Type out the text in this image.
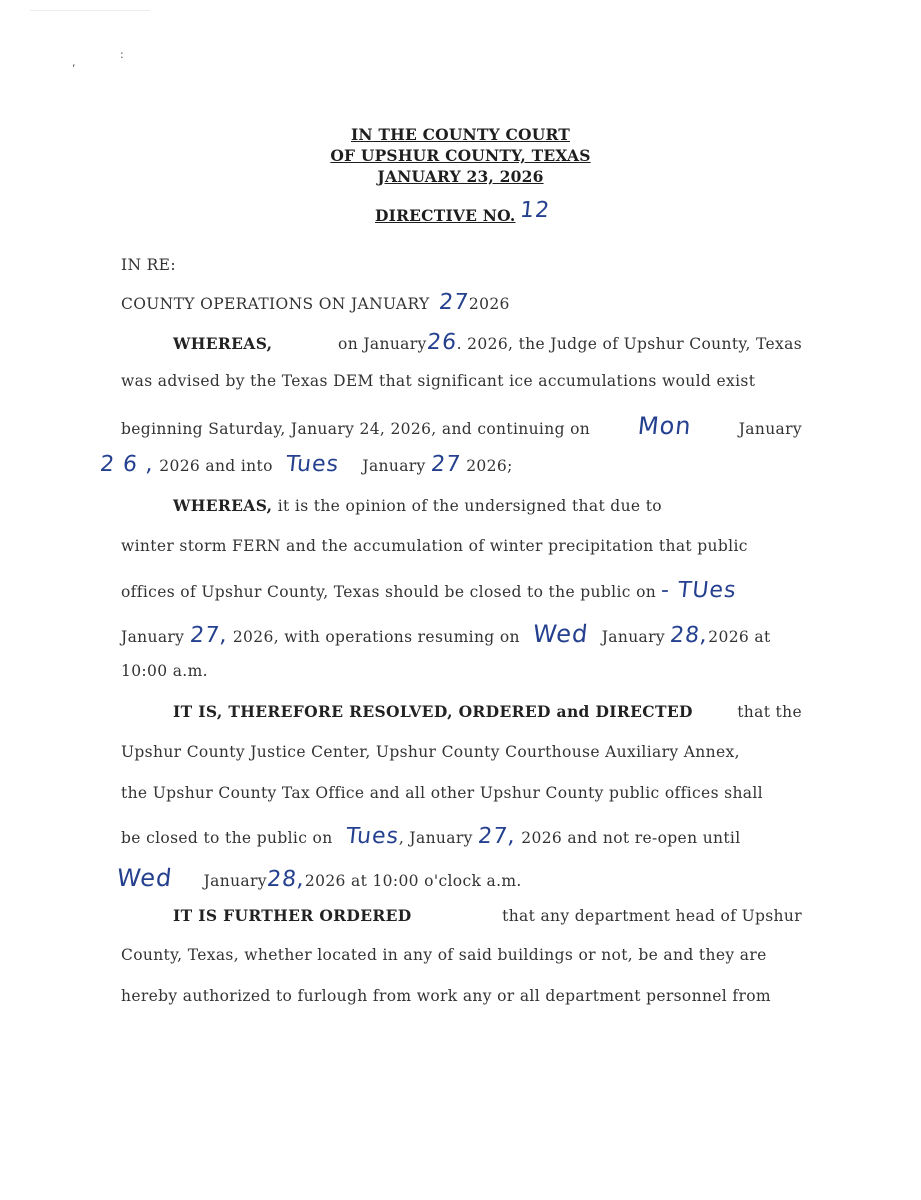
,
:
IN THE COUNTY COURT
OF UPSHUR COUNTY, TEXAS
JANUARY 23, 2026
DIRECTIVE NO. 12
IN RE:
COUNTY OPERATIONS ON JANUARY 272026
WHEREAS,	on January26. 2026, the Judge of Upshur County, Texas
was advised by the Texas DEM that significant ice accumulations would exist
beginning Saturday, January 24, 2026, and continuing on Mon	January
2 6 , 2026 and into Tues January 27 2026;
WHEREAS, it is the opinion of the undersigned that due to
winter storm FERN and the accumulation of winter precipitation that public
offices of Upshur County, Texas should be closed to the public on - TUes
January 27, 2026, with operations resuming on Wed January 28,2026 at
10:00 a.m.
IT IS, THEREFORE RESOLVED, ORDERED and DIRECTED	that the
Upshur County Justice Center, Upshur County Courthouse Auxiliary Annex,
the Upshur County Tax Office and all other Upshur County public offices shall
be closed to the public on Tues, January 27, 2026 and not re-open until
Wed January28,2026 at 10:00 o'clock a.m.
IT IS FURTHER ORDERED	that any department head of Upshur
County, Texas, whether located in any of said buildings or not, be and they are
hereby authorized to furlough from work any or all department personnel from
